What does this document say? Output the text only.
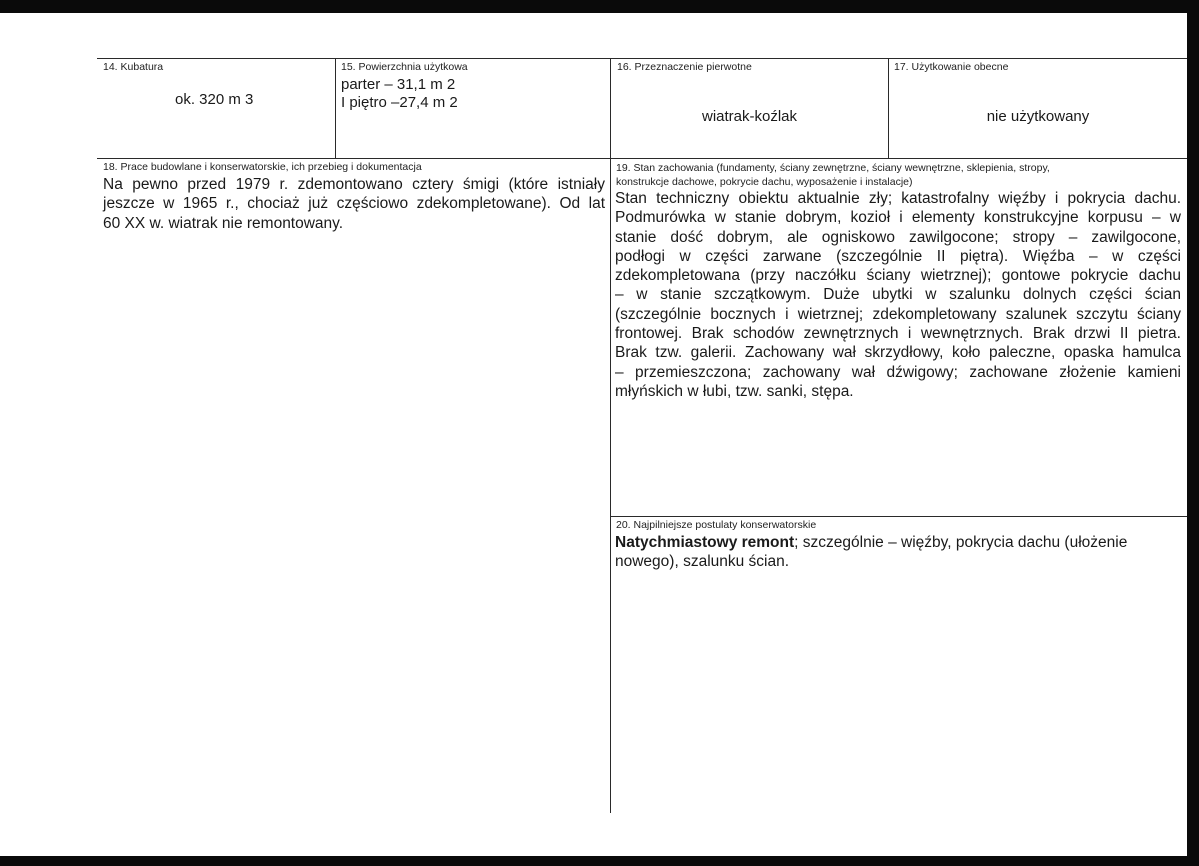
14. Kubatura
ok. 320 m 3
15. Powierzchnia użytkowa
parter – 31,1 m 2
I piętro –27,4 m 2
16. Przeznaczenie pierwotne
wiatrak-koźlak
17. Użytkowanie obecne
nie użytkowany
18. Prace budowlane i konserwatorskie, ich przebieg i dokumentacja
Na pewno przed 1979 r. zdemontowano cztery śmigi (które istniały
jeszcze w 1965 r., chociaż już częściowo zdekompletowane). Od lat
60 XX w. wiatrak nie remontowany.
19. Stan zachowania (fundamenty, ściany zewnętrzne, ściany wewnętrzne, sklepienia, stropy,
konstrukcje dachowe, pokrycie dachu, wyposażenie i instalacje)
Stan techniczny obiektu aktualnie zły; katastrofalny więźby i pokrycia dachu.
Podmurówka w stanie dobrym, kozioł i elementy konstrukcyjne korpusu – w
stanie dość dobrym, ale ogniskowo zawilgocone; stropy – zawilgocone,
podłogi w części zarwane (szczególnie II piętra). Więźba – w części
zdekompletowana (przy naczółku ściany wietrznej); gontowe pokrycie dachu
– w stanie szczątkowym. Duże ubytki w szalunku dolnych części ścian
(szczególnie bocznych i wietrznej; zdekompletowany szalunek szczytu ściany
frontowej. Brak schodów zewnętrznych i wewnętrznych. Brak drzwi II pietra.
Brak tzw. galerii. Zachowany wał skrzydłowy, koło paleczne, opaska hamulca
– przemieszczona; zachowany wał dźwigowy; zachowane złożenie kamieni
młyńskich w łubi, tzw. sanki, stępa.
20. Najpilniejsze postulaty konserwatorskie
Natychmiastowy remont; szczególnie – więźby, pokrycia dachu (ułożenie
nowego), szalunku ścian.
